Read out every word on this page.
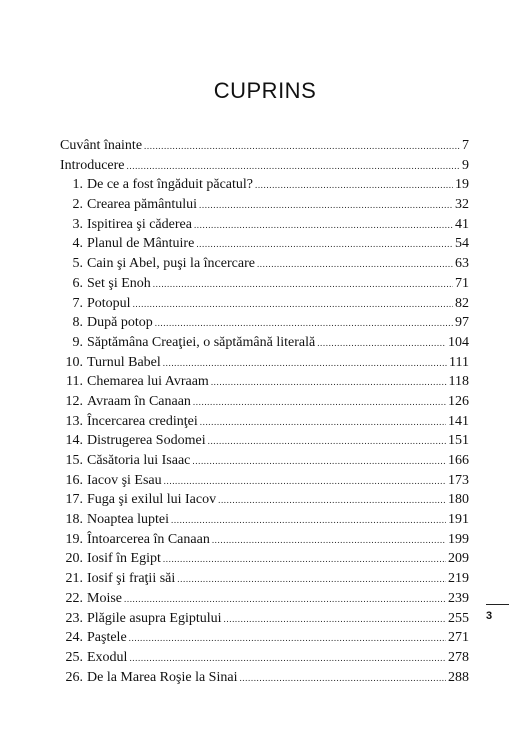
CUPRINS
Cuvânt înainte .....	7
Introducere .....	9
1. De ce a fost îngăduit păcatul? .....	19
2. Crearea pământului .....	32
3. Ispitirea şi căderea .....	41
4. Planul de Mântuire .....	54
5. Cain şi Abel, puşi la încercare .....	63
6. Set şi Enoh .....	71
7. Potopul .....	82
8. După potop .....	97
9. Săptămâna Creaţiei, o săptămână literală .....	104
10. Turnul Babel .....	111
11. Chemarea lui Avraam .....	118
12. Avraam în Canaan .....	126
13. Încercarea credinţei .....	141
14. Distrugerea Sodomei .....	151
15. Căsătoria lui Isaac .....	166
16. Iacov şi Esau .....	173
17. Fuga şi exilul lui Iacov .....	180
18. Noaptea luptei .....	191
19. Întoarcerea în Canaan .....	199
20. Iosif în Egipt .....	209
21. Iosif şi fraţii săi .....	219
22. Moise .....	239
23. Plăgile asupra Egiptului .....	255
24. Paştele .....	271
25. Exodul .....	278
26. De la Marea Roşie la Sinai .....	288
3
